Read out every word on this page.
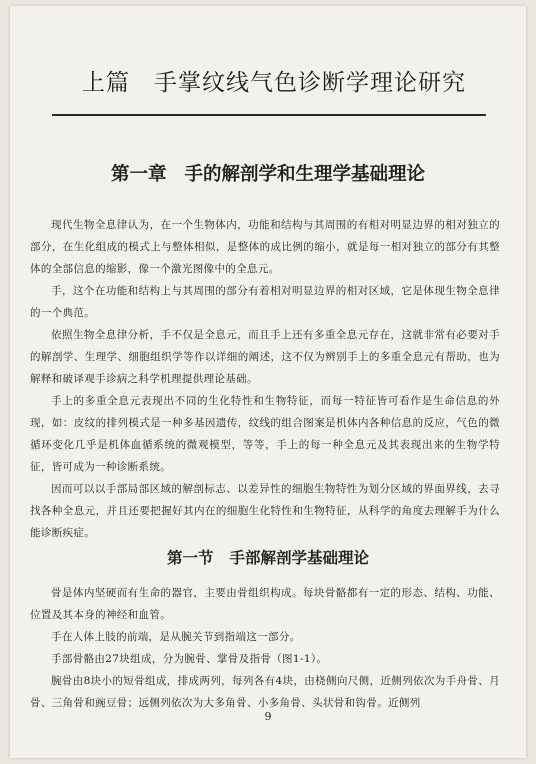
上篇 手掌纹线气色诊断学理论研究
第一章 手的解剖学和生理学基础理论

现代生物全息律认为，在一个生物体内，功能和结构与其周围的有相对明显边界的相对独立的部分，在生化组成的模式上与整体相似，是整体的成比例的缩小，就是每一相对独立的部分有其整体的全部信息的缩影，像一个激光图像中的全息元。

手，这个在功能和结构上与其周围的部分有着相对明显边界的相对区域，它是体现生物全息律的一个典范。

依照生物全息律分析，手不仅是全息元，而且手上还有多重全息元存在，这就非常有必要对手的解剖学、生理学、细胞组织学等作以详细的阐述，这不仅为辨别手上的多重全息元有帮助，也为解释和破译观手诊病之科学机理提供理论基础。

手上的多重全息元表现出不同的生化特性和生物特征，而每一特征皆可看作是生命信息的外现，如：皮纹的排列模式是一种多基因遗传，纹线的组合图案是机体内各种信息的反应，气色的微循环变化几乎是机体血循系统的微观模型，等等，手上的每一种全息元及其表现出来的生物学特征，皆可成为一种诊断系统。

因而可以以手部局部区域的解剖标志、以差异性的细胞生物特性为划分区域的界面界线，去寻找各种全息元，并且还要把握好其内在的细胞生化特性和生物特征，从科学的角度去理解手为什么能诊断疾症。

第一节 手部解剖学基础理论

骨是体内坚硬而有生命的器官，主要由骨组织构成。每块骨骼都有一定的形态、结构、功能、位置及其本身的神经和血管。

手在人体上肢的前端，是从腕关节到指端这一部分。

手部骨骼由27块组成，分为腕骨、掌骨及指骨（图1-1）。

腕骨由8块小的短骨组成，排成两列，每列各有4块，由桡侧向尺侧，近侧列依次为手舟骨、月骨、三角骨和豌豆骨；远侧列依次为大多角骨、小多角骨、头状骨和钩骨。近侧列

9
